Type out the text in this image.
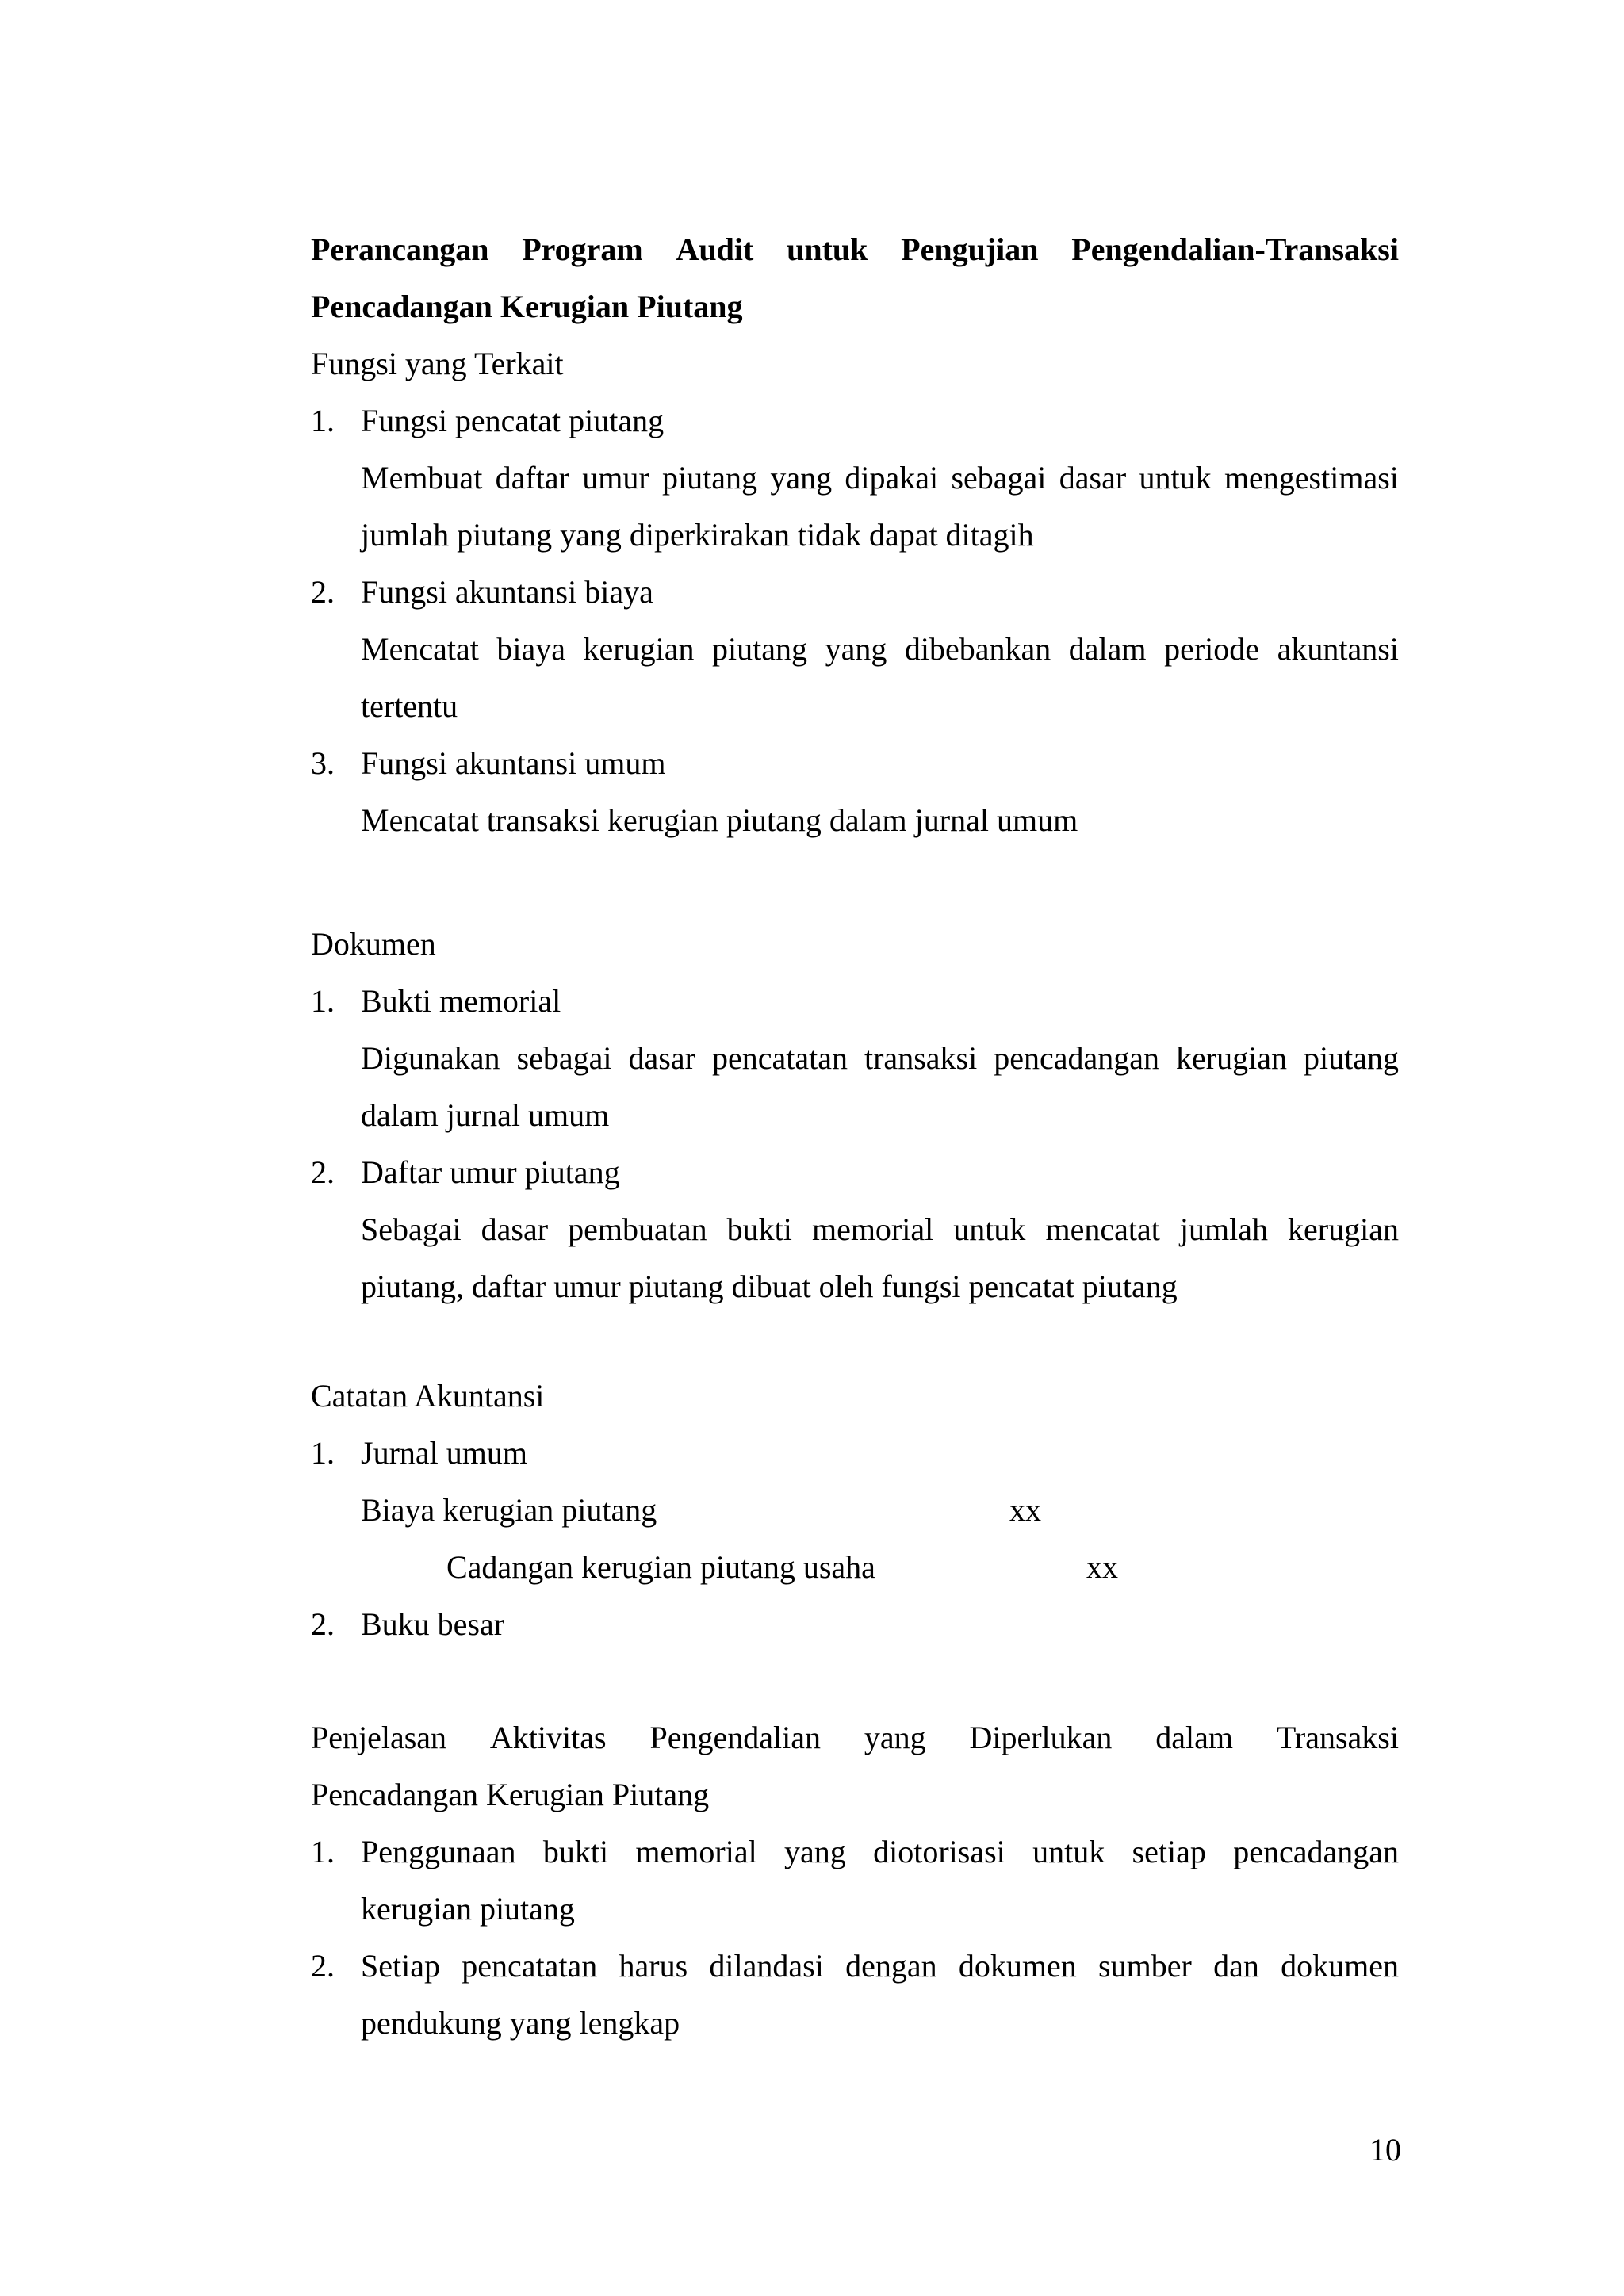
Perancangan Program Audit untuk Pengujian Pengendalian-Transaksi
Pencadangan Kerugian Piutang
Fungsi yang Terkait
1. Fungsi pencatat piutang
Membuat daftar umur piutang yang dipakai sebagai dasar untuk mengestimasi
jumlah piutang yang diperkirakan tidak dapat ditagih
2. Fungsi akuntansi biaya
Mencatat biaya kerugian piutang yang dibebankan dalam periode akuntansi
tertentu
3. Fungsi akuntansi umum
Mencatat transaksi kerugian piutang dalam jurnal umum
Dokumen
1. Bukti memorial
Digunakan sebagai dasar pencatatan transaksi pencadangan kerugian piutang
dalam jurnal umum
2. Daftar umur piutang
Sebagai dasar pembuatan bukti memorial untuk mencatat jumlah kerugian
piutang, daftar umur piutang dibuat oleh fungsi pencatat piutang
Catatan Akuntansi
1. Jurnal umum
Biaya kerugian piutang	xx
Cadangan kerugian piutang usaha	xx
2. Buku besar
Penjelasan Aktivitas Pengendalian yang Diperlukan dalam Transaksi
Pencadangan Kerugian Piutang
1. Penggunaan bukti memorial yang diotorisasi untuk setiap pencadangan
kerugian piutang
2. Setiap pencatatan harus dilandasi dengan dokumen sumber dan dokumen
pendukung yang lengkap
10
